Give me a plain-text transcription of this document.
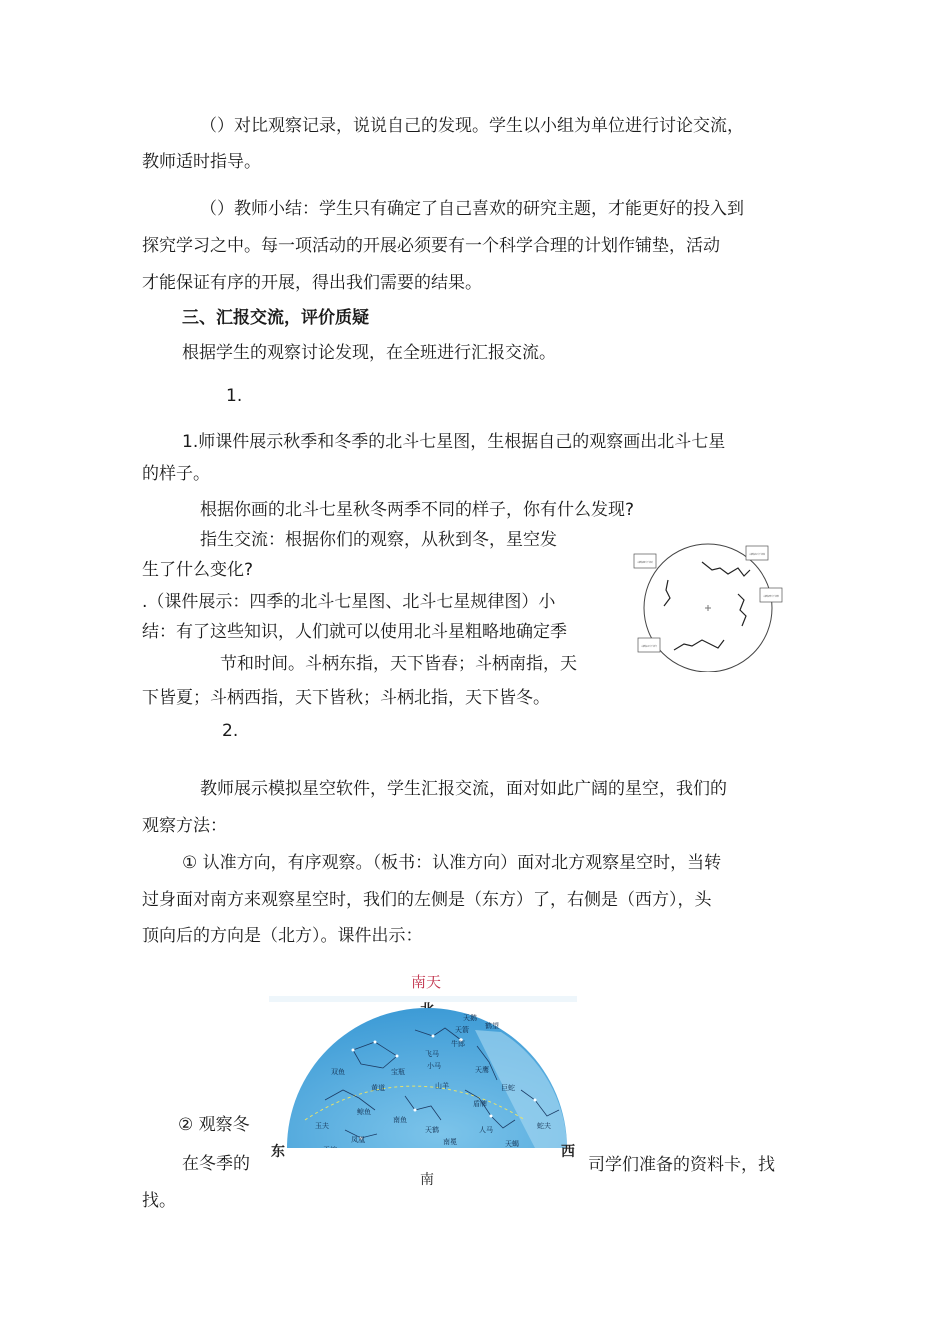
（）对比观察记录，说说自己的发现。学生以小组为单位进行讨论交流，
教师适时指导。
（）教师小结：学生只有确定了自己喜欢的研究主题，才能更好的投入到
探究学习之中。每一项活动的开展必须要有一个科学合理的计划作铺垫，活动
才能保证有序的开展，得出我们需要的结果。
三、汇报交流，评价质疑
根据学生的观察讨论发现，在全班进行汇报交流。
1.
1.师课件展示秋季和冬季的北斗七星图，生根据自己的观察画出北斗七星
的样子。
根据你画的北斗七星秋冬两季不同的样子，你有什么发现?
指生交流：根据你们的观察，从秋到冬，星空发
生了什么变化?
.（课件展示：四季的北斗七星图、北斗七星规律图）小
结：有了这些知识，人们就可以使用北斗星粗略地确定季
节和时间。斗柄东指，天下皆春；斗柄南指，天
下皆夏；斗柄西指，天下皆秋；斗柄北指，天下皆冬。
斗柄指东天下皆春
斗柄指南天下皆夏
斗柄指西天下皆秋
斗柄指北天下皆冬
2.
教师展示模拟星空软件，学生汇报交流，面对如此广阔的星空，我们的
观察方法：
① 认准方向，有序观察。（板书：认准方向）面对北方观察星空时，当转
过身面对南方来观察星空时，我们的左侧是（东方）了，右侧是（西方），头
顶向后的方向是（北方）。课件出示：
南天
天鹅
鹤望
飞马
天箭
牛郎
小马
宝瓶	天鹰
双鱼
黄道	山羊
盾牌
巨蛇
南鱼
天鹤	人马	蛇夫
鲸鱼
凤凰	南冕	天蝎
玉夫
东	西
南
② 观察冬
在冬季的	司学们准备的资料卡，找
找。
